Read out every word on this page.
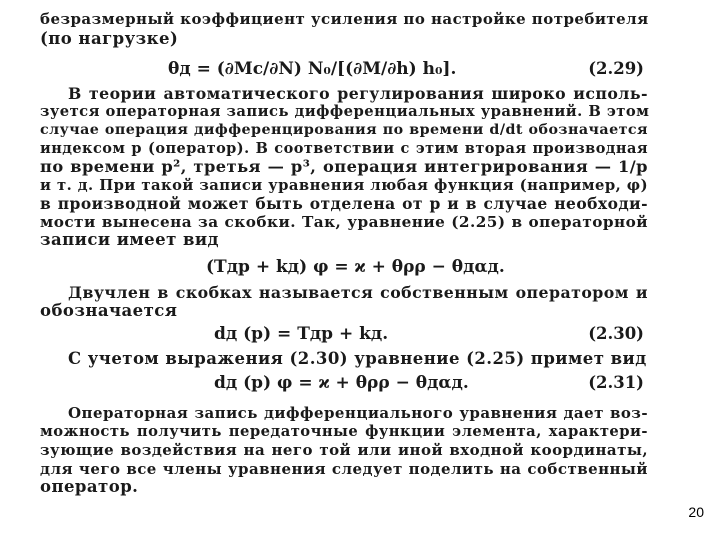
безразмерный коэффициент усиления по настройке потребителя
(по нагрузке)
θд = (∂Mс/∂N) N₀/[(∂M/∂h) h₀].	(2.29)
В теории автоматического регулирования широко исполь-
зуется операторная запись дифференциальных уравнений. В этом
случае операция дифференцирования по времени d/dt обозначается
индексом p (оператор). В соответствии с этим вторая производная
по времени p², третья — p³, операция интегрирования — 1/p
и т. д. При такой записи уравнения любая функция (например, φ)
в производной может быть отделена от p и в случае необходи-
мости вынесена за скобки. Так, уравнение (2.25) в операторной
записи имеет вид
(Tдp + kд) φ = ϰ + θρρ − θдαд.
Двучлен в скобках называется собственным оператором и
обозначается
dд (p) = Tдp + kд.	(2.30)
С учетом выражения (2.30) уравнение (2.25) примет вид
dд (p) φ = ϰ + θρρ − θдαд.	(2.31)
Операторная запись дифференциального уравнения дает воз-
можность получить передаточные функции элемента, характери-
зующие воздействия на него той или иной входной координаты,
для чего все члены уравнения следует поделить на собственный
оператор.
20
